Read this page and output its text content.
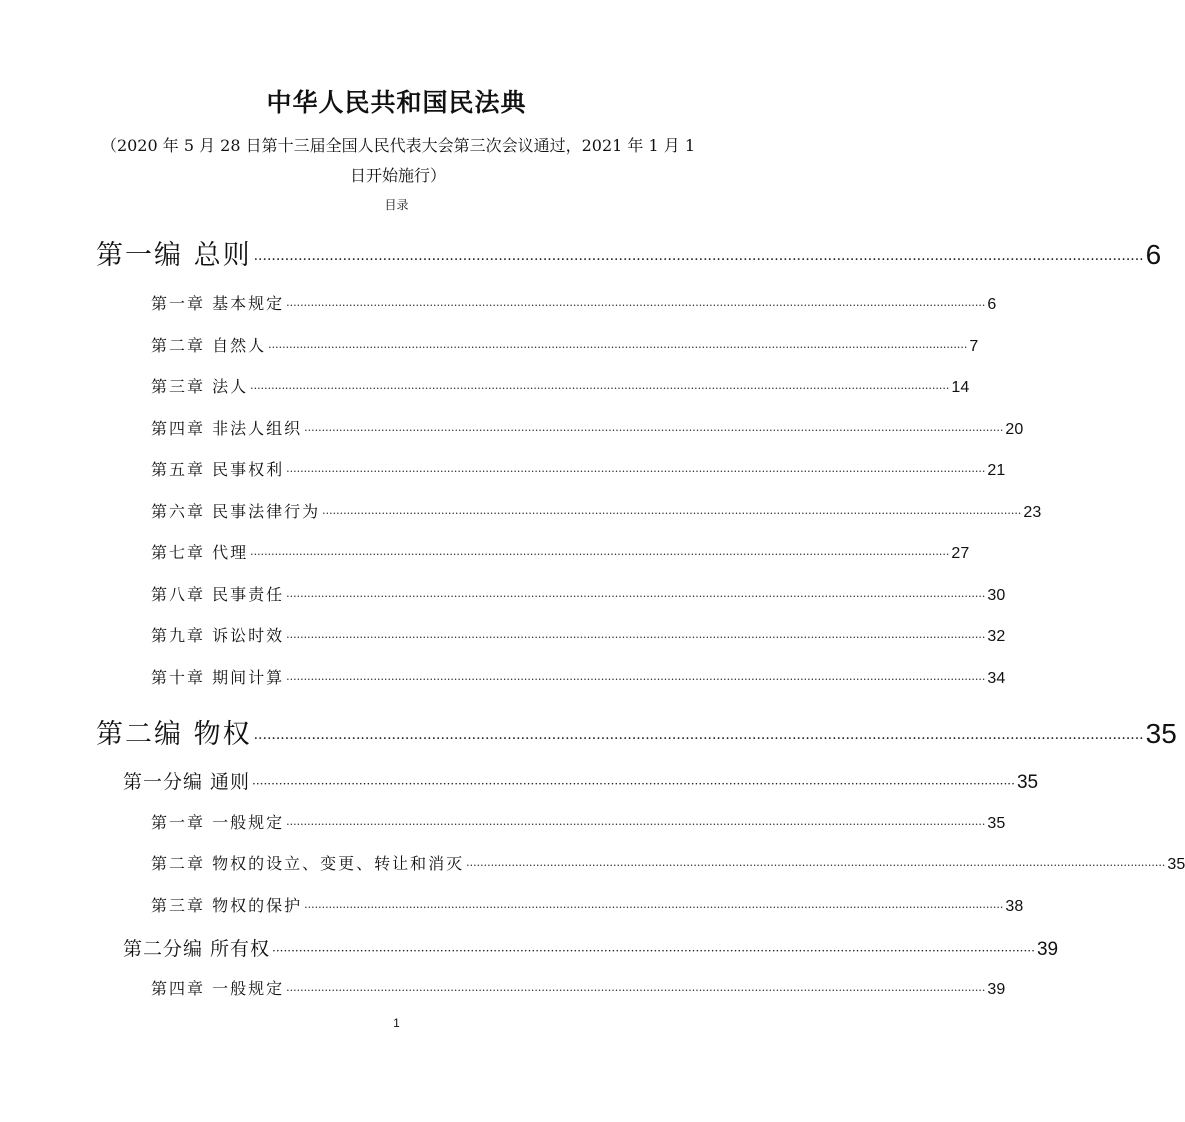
中华人民共和国民法典
（2020 年 5 月 28 日第十三届全国人民代表大会第三次会议通过，2021 年 1 月 1 日开始施行）
目录
第一编 总则 ········································································································································································································ 6
第一章 基本规定 ········································································································································································································ 6
第二章 自然人 ········································································································································································································ 7
第三章 法人 ········································································································································································································ 14
第四章 非法人组织 ········································································································································································································ 20
第五章 民事权利 ········································································································································································································ 21
第六章 民事法律行为 ········································································································································································································ 23
第七章 代理 ········································································································································································································ 27
第八章 民事责任 ········································································································································································································ 30
第九章 诉讼时效 ········································································································································································································ 32
第十章 期间计算 ········································································································································································································ 34
第二编 物权 ········································································································································································································ 35
第一分编 通则 ········································································································································································································ 35
第一章 一般规定 ········································································································································································································ 35
第二章 物权的设立、变更、转让和消灭 ········································································································································································································ 35
第三章 物权的保护 ········································································································································································································ 38
第二分编 所有权 ········································································································································································································ 39
第四章 一般规定 ········································································································································································································ 39
1
